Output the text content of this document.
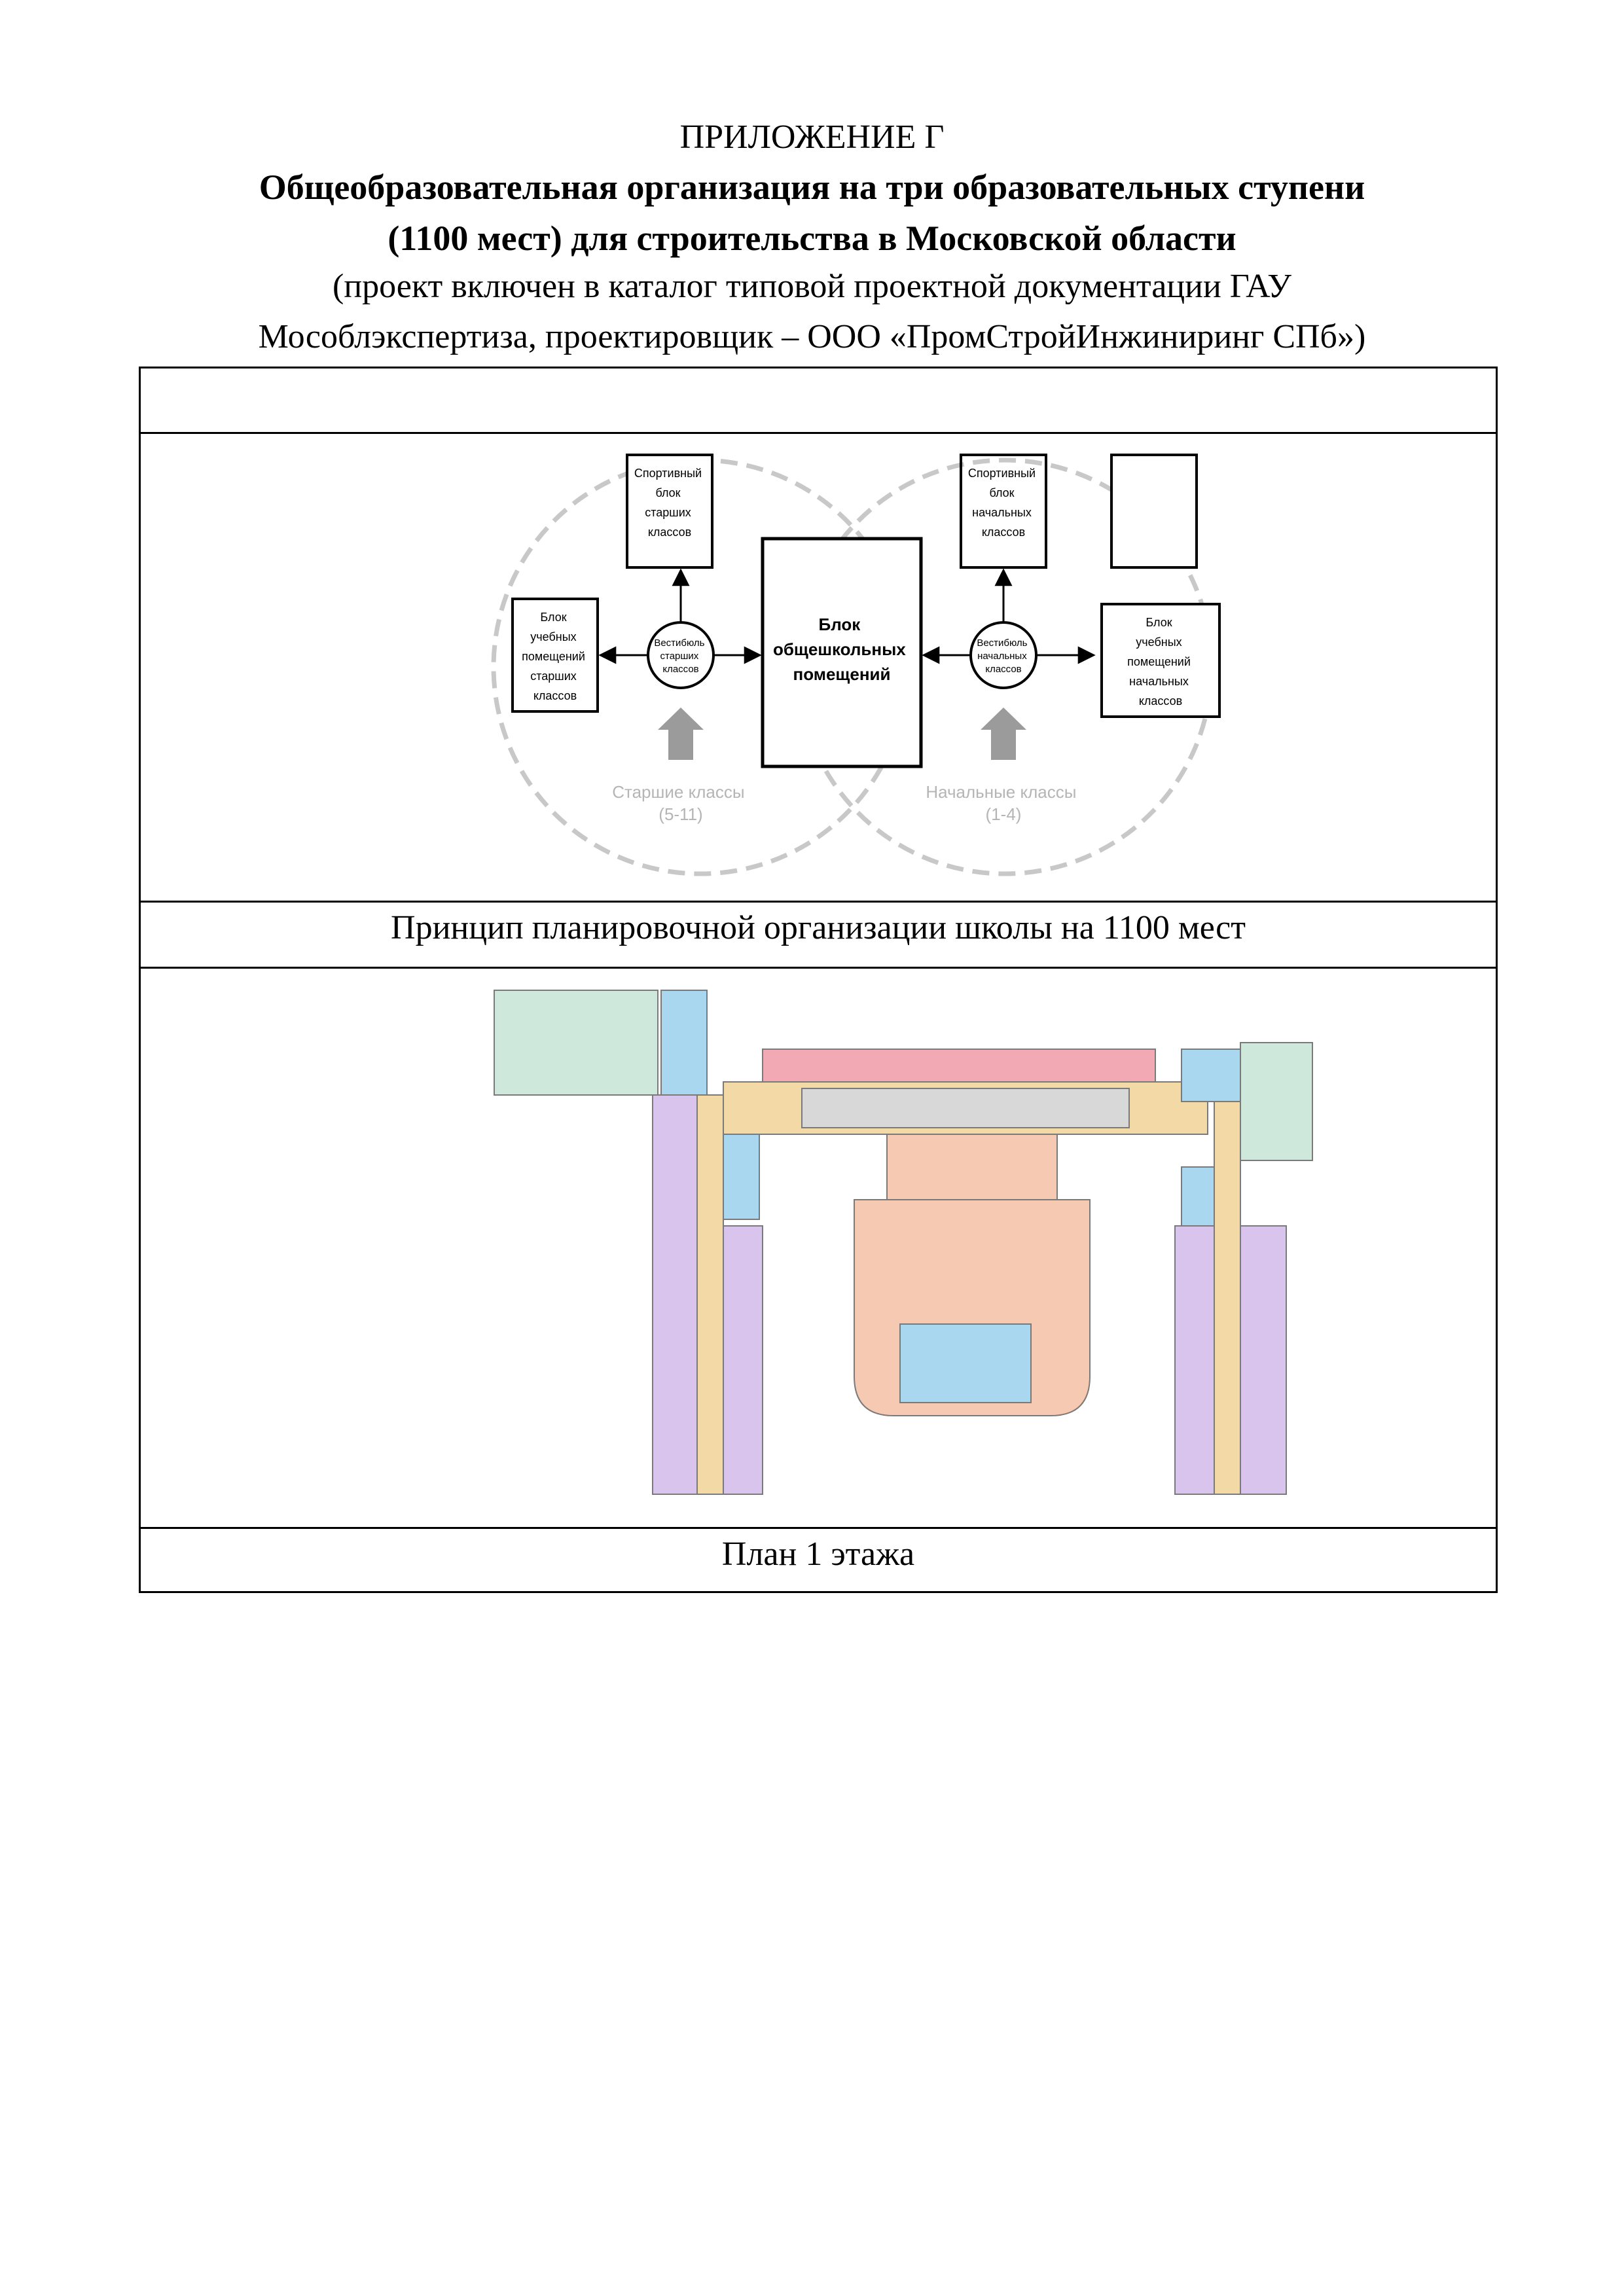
ПРИЛОЖЕНИЕ Г
Общеобразовательная организация на три образовательных ступени
(1100 мест) для строительства в Московской области
(проект включен в каталог типовой проектной документации ГАУ
Мособлэкспертиза, проектировщик – ООО «ПромСтройИнжиниринг СПб»)
Блок учебных помещений начальных классов
Блок общешкольных помещений
Вестибюль старших классов
Вестибюль начальных классов
Спортивный блок старших классов
Спортивный блок начальных классов
Блок учебных помещений старших классов
Старшие классы (5-11)
Начальные классы (1-4)
Принцип планировочной организации школы на 1100 мест
План 1 этажа
